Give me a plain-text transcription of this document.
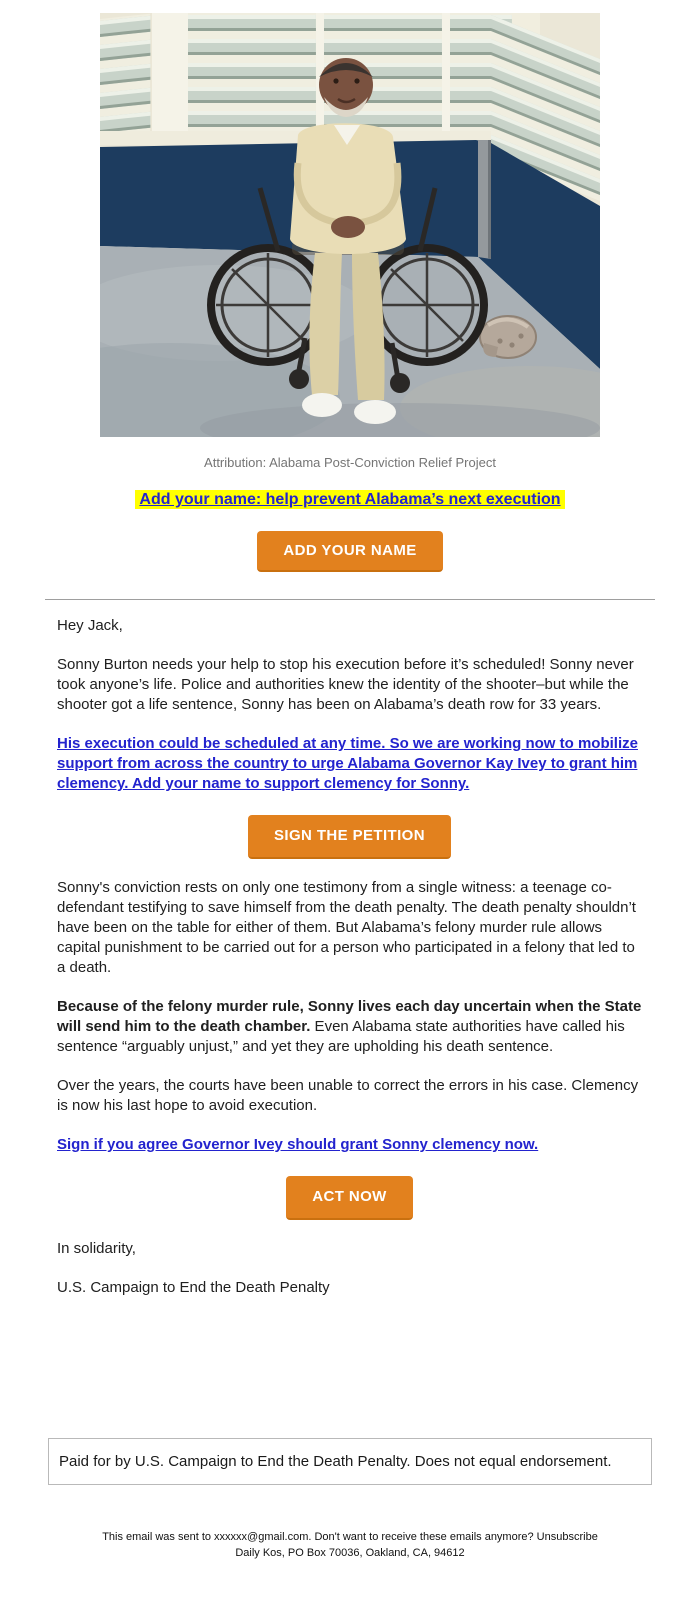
Attribution: Alabama Post-Conviction Relief Project
Add your name: help prevent Alabama’s next execution
ADD YOUR NAME

Hey Jack,

Sonny Burton needs your help to stop his execution before it’s scheduled! Sonny never took anyone’s life. Police and authorities knew the identity of the shooter–but while the shooter got a life sentence, Sonny has been on Alabama’s death row for 33 years.

His execution could be scheduled at any time. So we are working now to mobilize support from across the country to urge Alabama Governor Kay Ivey to grant him clemency. Add your name to support clemency for Sonny.

SIGN THE PETITION

Sonny's conviction rests on only one testimony from a single witness: a teenage co-defendant testifying to save himself from the death penalty. The death penalty shouldn’t have been on the table for either of them. But Alabama’s felony murder rule allows capital punishment to be carried out for a person who participated in a felony that led to a death.

Because of the felony murder rule, Sonny lives each day uncertain when the State will send him to the death chamber. Even Alabama state authorities have called his sentence “arguably unjust,” and yet they are upholding his death sentence.

Over the years, the courts have been unable to correct the errors in his case. Clemency is now his last hope to avoid execution.

Sign if you agree Governor Ivey should grant Sonny clemency now.

ACT NOW

In solidarity,

U.S. Campaign to End the Death Penalty

Paid for by U.S. Campaign to End the Death Penalty. Does not equal endorsement.
This email was sent to xxxxxx@gmail.com. Don't want to receive these emails anymore? Unsubscribe
Daily Kos, PO Box 70036, Oakland, CA, 94612
